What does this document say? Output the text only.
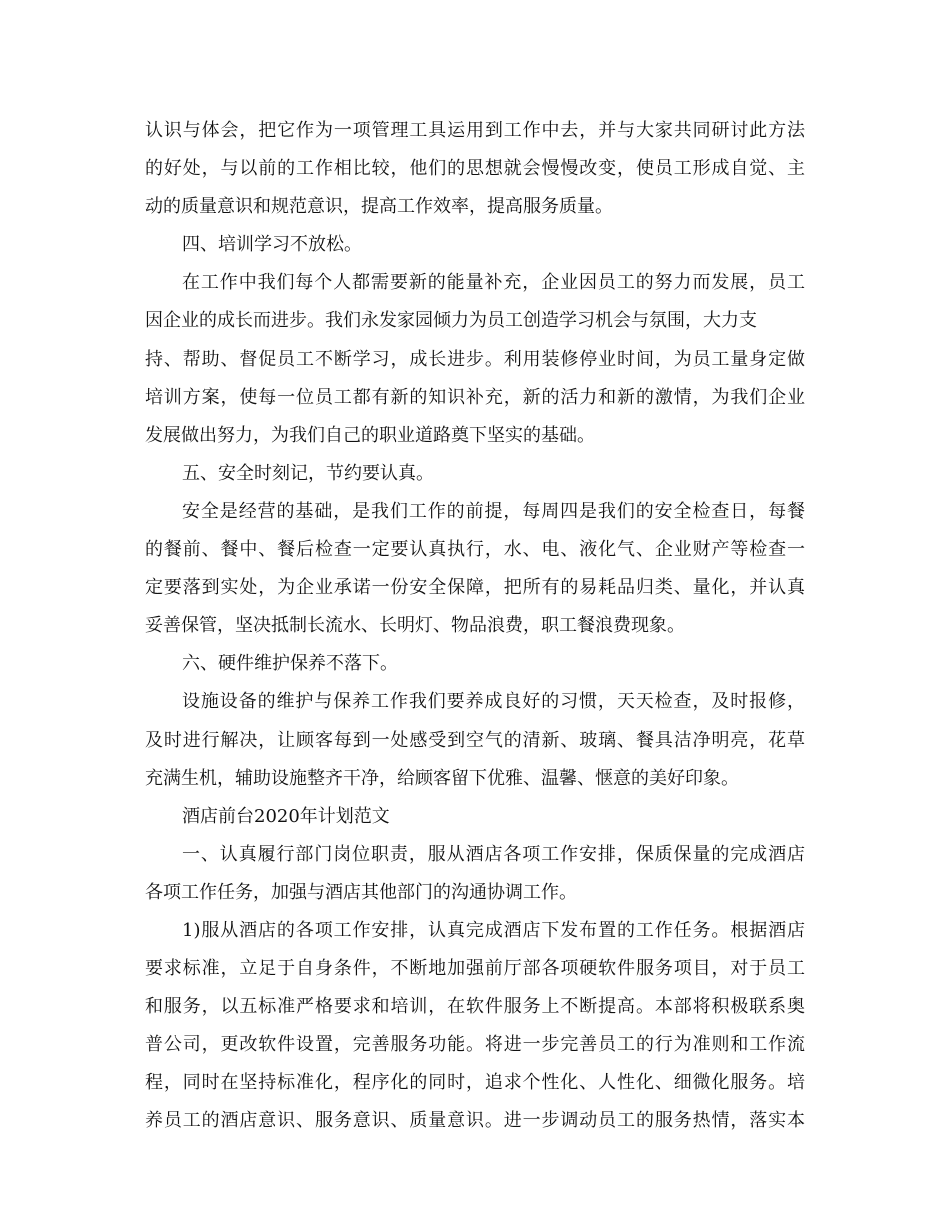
认识与体会，把它作为一项管理工具运用到工作中去，并与大家共同研讨此方法
的好处，与以前的工作相比较，他们的思想就会慢慢改变，使员工形成自觉、主
动的质量意识和规范意识，提高工作效率，提高服务质量。
四、培训学习不放松。
在工作中我们每个人都需要新的能量补充，企业因员工的努力而发展，员工
因企业的成长而进步。我们永发家园倾力为员工创造学习机会与氛围，大力支
持、帮助、督促员工不断学习，成长进步。利用装修停业时间，为员工量身定做
培训方案，使每一位员工都有新的知识补充，新的活力和新的激情，为我们企业
发展做出努力，为我们自己的职业道路奠下坚实的基础。
五、安全时刻记，节约要认真。
安全是经营的基础，是我们工作的前提，每周四是我们的安全检查日，每餐
的餐前、餐中、餐后检查一定要认真执行，水、电、液化气、企业财产等检查一
定要落到实处，为企业承诺一份安全保障，把所有的易耗品归类、量化，并认真
妥善保管，坚决抵制长流水、长明灯、物品浪费，职工餐浪费现象。
六、硬件维护保养不落下。
设施设备的维护与保养工作我们要养成良好的习惯，天天检查，及时报修，
及时进行解决，让顾客每到一处感受到空气的清新、玻璃、餐具洁净明亮，花草
充满生机，辅助设施整齐干净，给顾客留下优雅、温馨、惬意的美好印象。
酒店前台2020年计划范文
一、认真履行部门岗位职责，服从酒店各项工作安排，保质保量的完成酒店
各项工作任务，加强与酒店其他部门的沟通协调工作。
1)服从酒店的各项工作安排，认真完成酒店下发布置的工作任务。根据酒店
要求标准，立足于自身条件，不断地加强前厅部各项硬软件服务项目，对于员工
和服务，以五标准严格要求和培训，在软件服务上不断提高。本部将积极联系奥
普公司，更改软件设置，完善服务功能。将进一步完善员工的行为准则和工作流
程，同时在坚持标准化，程序化的同时，追求个性化、人性化、细微化服务。培
养员工的酒店意识、服务意识、质量意识。进一步调动员工的服务热情，落实本
